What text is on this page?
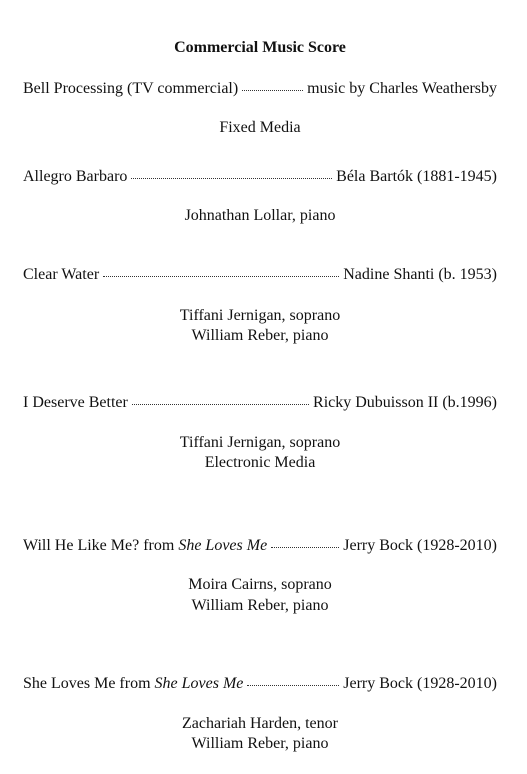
Commercial Music Score
Bell Processing (TV commercial)	music by Charles Weathersby
Fixed Media
Allegro Barbaro	Béla Bartók (1881-1945)
Johnathan Lollar, piano
Clear Water	Nadine Shanti (b. 1953)
Tiffani Jernigan, soprano
William Reber, piano
I Deserve Better	Ricky Dubuisson II (b.1996)
Tiffani Jernigan, soprano
Electronic Media
Will He Like Me? from She Loves Me	Jerry Bock (1928-2010)
Moira Cairns, soprano
William Reber, piano
She Loves Me from She Loves Me	Jerry Bock (1928-2010)
Zachariah Harden, tenor
William Reber, piano
